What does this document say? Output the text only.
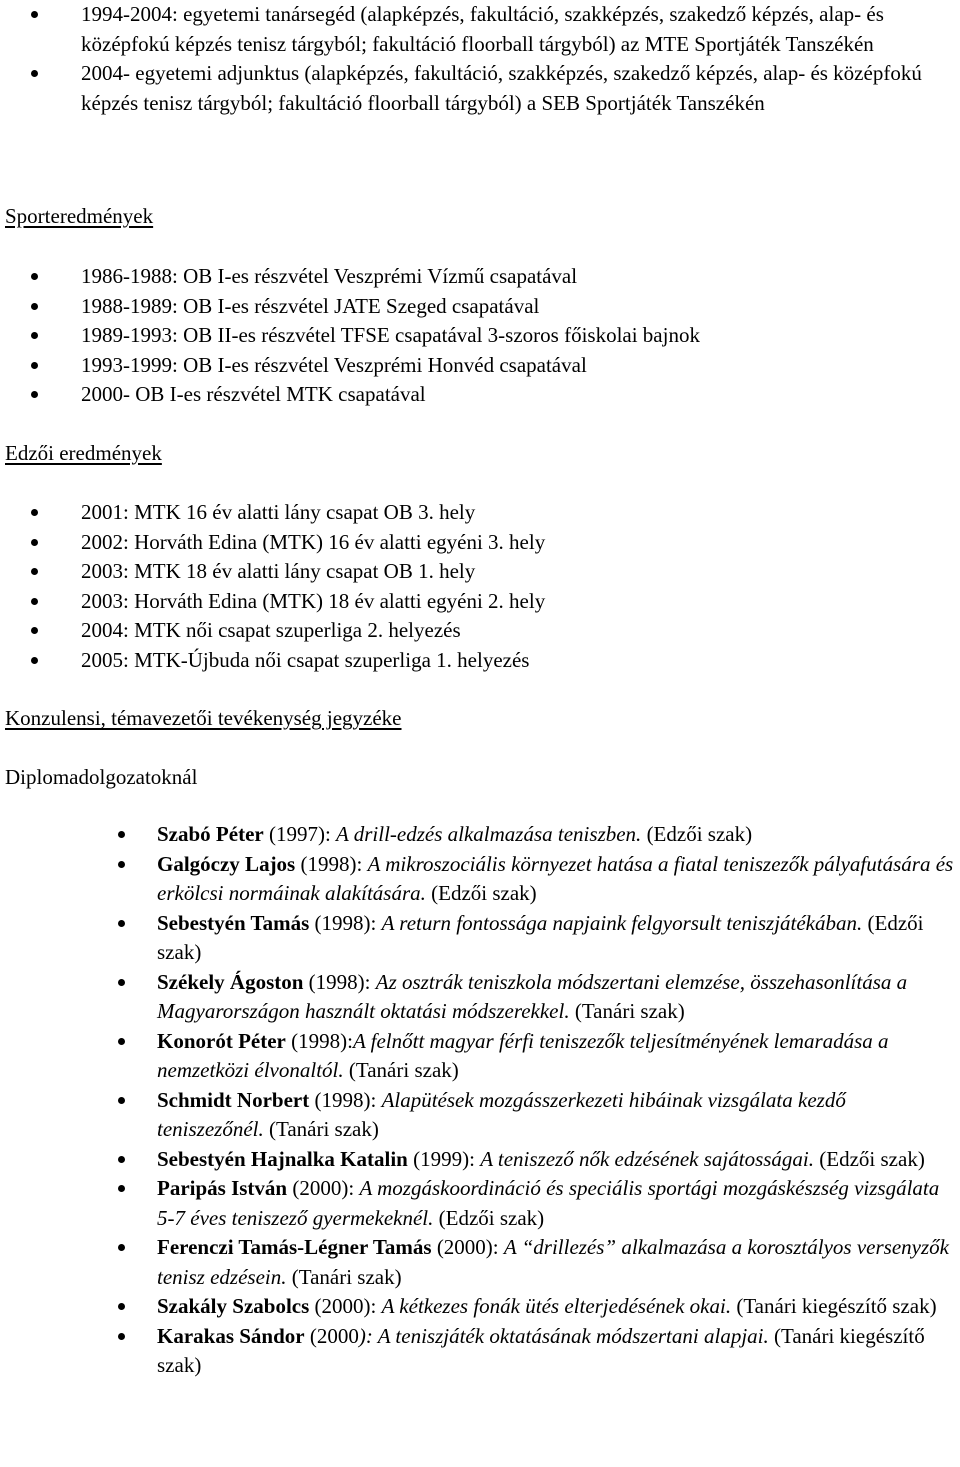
1994-2004: egyetemi tanársegéd (alapképzés, fakultáció, szakképzés, szakedző képzés, alap- és középfokú képzés tenisz tárgyból; fakultáció floorball tárgyból) az MTE Sportjáték Tanszékén
2004- egyetemi adjunktus (alapképzés, fakultáció, szakképzés, szakedző képzés, alap- és középfokú képzés tenisz tárgyból; fakultáció floorball tárgyból) a SEB Sportjáték Tanszékén
Sporteredmények
1986-1988: OB I-es részvétel Veszprémi Vízmű csapatával
1988-1989: OB I-es részvétel JATE Szeged csapatával
1989-1993: OB II-es részvétel TFSE csapatával 3-szoros főiskolai bajnok
1993-1999: OB I-es részvétel Veszprémi Honvéd csapatával
2000- OB I-es részvétel MTK csapatával
Edzői eredmények
2001: MTK 16 év alatti lány csapat OB 3. hely
2002: Horváth Edina (MTK) 16 év alatti egyéni 3. hely
2003: MTK 18 év alatti lány csapat OB 1. hely
2003: Horváth Edina (MTK) 18 év alatti egyéni 2. hely
2004: MTK női csapat szuperliga 2. helyezés
2005: MTK-Újbuda női csapat szuperliga 1. helyezés
Konzulensi, témavezetői tevékenység jegyzéke
Diplomadolgozatoknál
Szabó Péter (1997): A drill-edzés alkalmazása teniszben. (Edzői szak)
Galgóczy Lajos (1998): A mikroszociális környezet hatása a fiatal teniszezők pályafutására és erkölcsi normáinak alakítására. (Edzői szak)
Sebestyén Tamás (1998): A return fontossága napjaink felgyorsult teniszjátékában. (Edzői szak)
Székely Ágoston (1998): Az osztrák teniszkola módszertani elemzése, összehasonlítása a Magyarországon használt oktatási módszerekkel. (Tanári szak)
Konorót Péter (1998):A felnőtt magyar férfi teniszezők teljesítményének lemaradása a nemzetközi élvonaltól. (Tanári szak)
Schmidt Norbert (1998): Alapütések mozgásszerkezeti hibáinak vizsgálata kezdő teniszezőnél. (Tanári szak)
Sebestyén Hajnalka Katalin (1999): A teniszező nők edzésének sajátosságai. (Edzői szak)
Paripás István (2000): A mozgáskoordináció és speciális sportági mozgáskészség vizsgálata 5-7 éves teniszező gyermekeknél. (Edzői szak)
Ferenczi Tamás-Légner Tamás (2000): A “drillezés” alkalmazása a korosztályos versenyzők tenisz edzésein. (Tanári szak)
Szakály Szabolcs (2000): A kétkezes fonák ütés elterjedésének okai. (Tanári kiegészítő szak)
Karakas Sándor (2000): A teniszjáték oktatásának módszertani alapjai. (Tanári kiegészítő szak)
